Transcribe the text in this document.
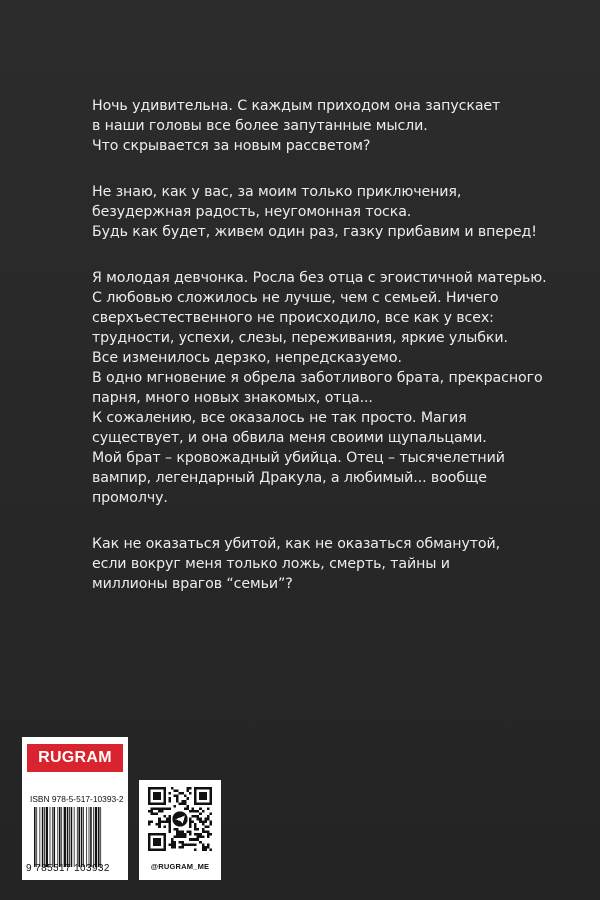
Ночь удивительна. С каждым приходом она запускает
в наши головы все более запутанные мысли.
Что скрывается за новым рассветом?

Не знаю, как у вас, за моим только приключения,
безудержная радость, неугомонная тоска.
Будь как будет, живем один раз, газку прибавим и вперед!

Я молодая девчонка. Росла без отца с эгоистичной матерью.
С любовью сложилось не лучше, чем с семьей. Ничего
сверхъестественного не происходило, все как у всех:
трудности, успехи, слезы, переживания, яркие улыбки.
Все изменилось дерзко, непредсказуемо.
В одно мгновение я обрела заботливого брата, прекрасного
парня, много новых знакомых, отца...
К сожалению, все оказалось не так просто. Магия
существует, и она обвила меня своими щупальцами.
Мой брат – кровожадный убийца. Отец – тысячелетний
вампир, легендарный Дракула, а любимый... вообще
промолчу.

Как не оказаться убитой, как не оказаться обманутой,
если вокруг меня только ложь, смерть, тайны и
миллионы врагов “семьи”?

RUGRAM
ISBN 978-5-517-10393-2
9 785517 103932	@RUGRAM_ME
